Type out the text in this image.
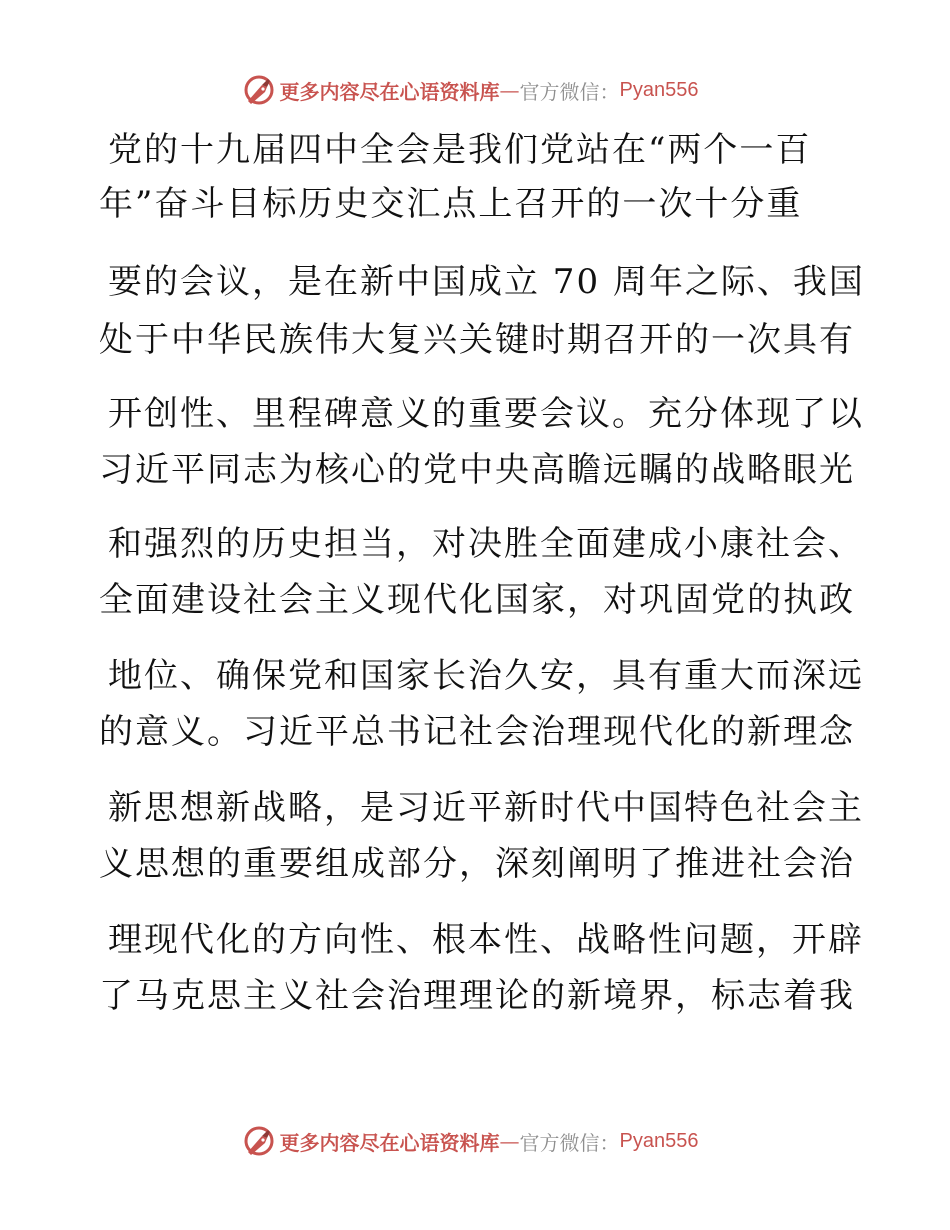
更多内容尽在心语资料库 — 官方微信： Pyan556
党的十九届四中全会是我们党站在“两个一百
年”奋斗目标历史交汇点上召开的一次十分重
要的会议，是在新中国成立 70 周年之际、我国
处于中华民族伟大复兴关键时期召开的一次具有
开创性、里程碑意义的重要会议。充分体现了以
习近平同志为核心的党中央高瞻远瞩的战略眼光
和强烈的历史担当，对决胜全面建成小康社会、
全面建设社会主义现代化国家，对巩固党的执政
地位、确保党和国家长治久安，具有重大而深远
的意义。习近平总书记社会治理现代化的新理念
新思想新战略，是习近平新时代中国特色社会主
义思想的重要组成部分，深刻阐明了推进社会治
理现代化的方向性、根本性、战略性问题，开辟
了马克思主义社会治理理论的新境界，标志着我
更多内容尽在心语资料库 — 官方微信： Pyan556
